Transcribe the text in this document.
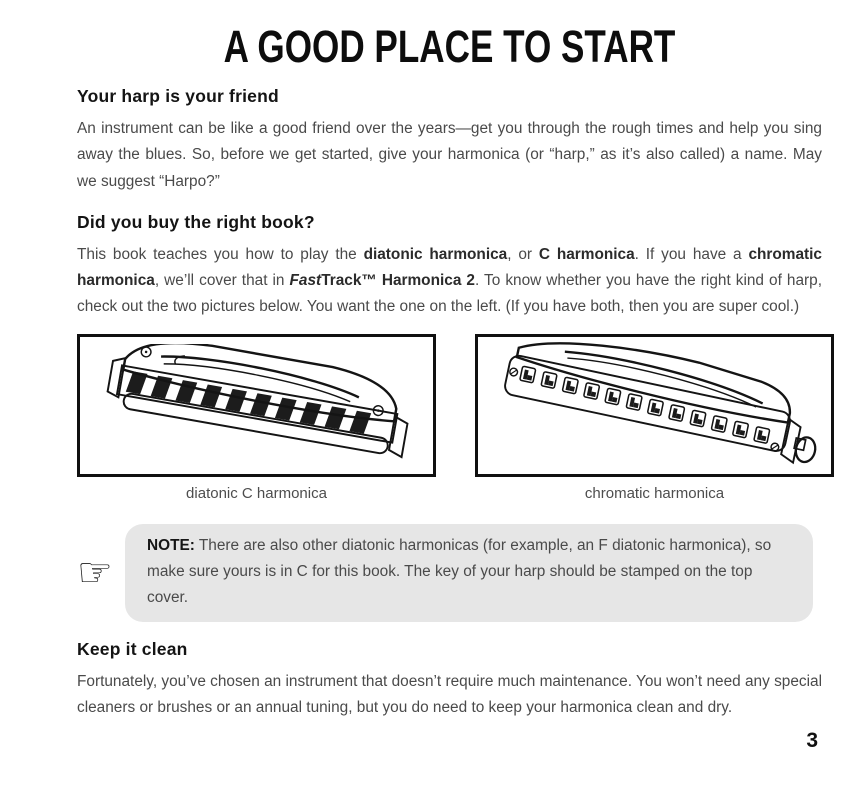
A GOOD PLACE TO START
Your harp is your friend

An instrument can be like a good friend over the years—get you through the rough times and help you sing away the blues. So, before we get started, give your harmonica (or “harp,” as it’s also called) a name. May we suggest “Harpo?”

Did you buy the right book?

This book teaches you how to play the diatonic harmonica, or C harmonica. If you have a chromatic harmonica, we’ll cover that in FastTrack™ Harmonica 2. To know whether you have the right kind of harp, check out the two pictures below. You want the one on the left. (If you have both, then you are super cool.)

diatonic C harmonica	chromatic harmonica
☞
NOTE: There are also other diatonic harmonicas (for example, an F diatonic harmonica), so make sure yours is in C for this book. The key of your harp should be stamped on the top cover.
Keep it clean

Fortunately, you’ve chosen an instrument that doesn’t require much maintenance. You won’t need any special cleaners or brushes or an annual tuning, but you do need to keep your harmonica clean and dry.

3
